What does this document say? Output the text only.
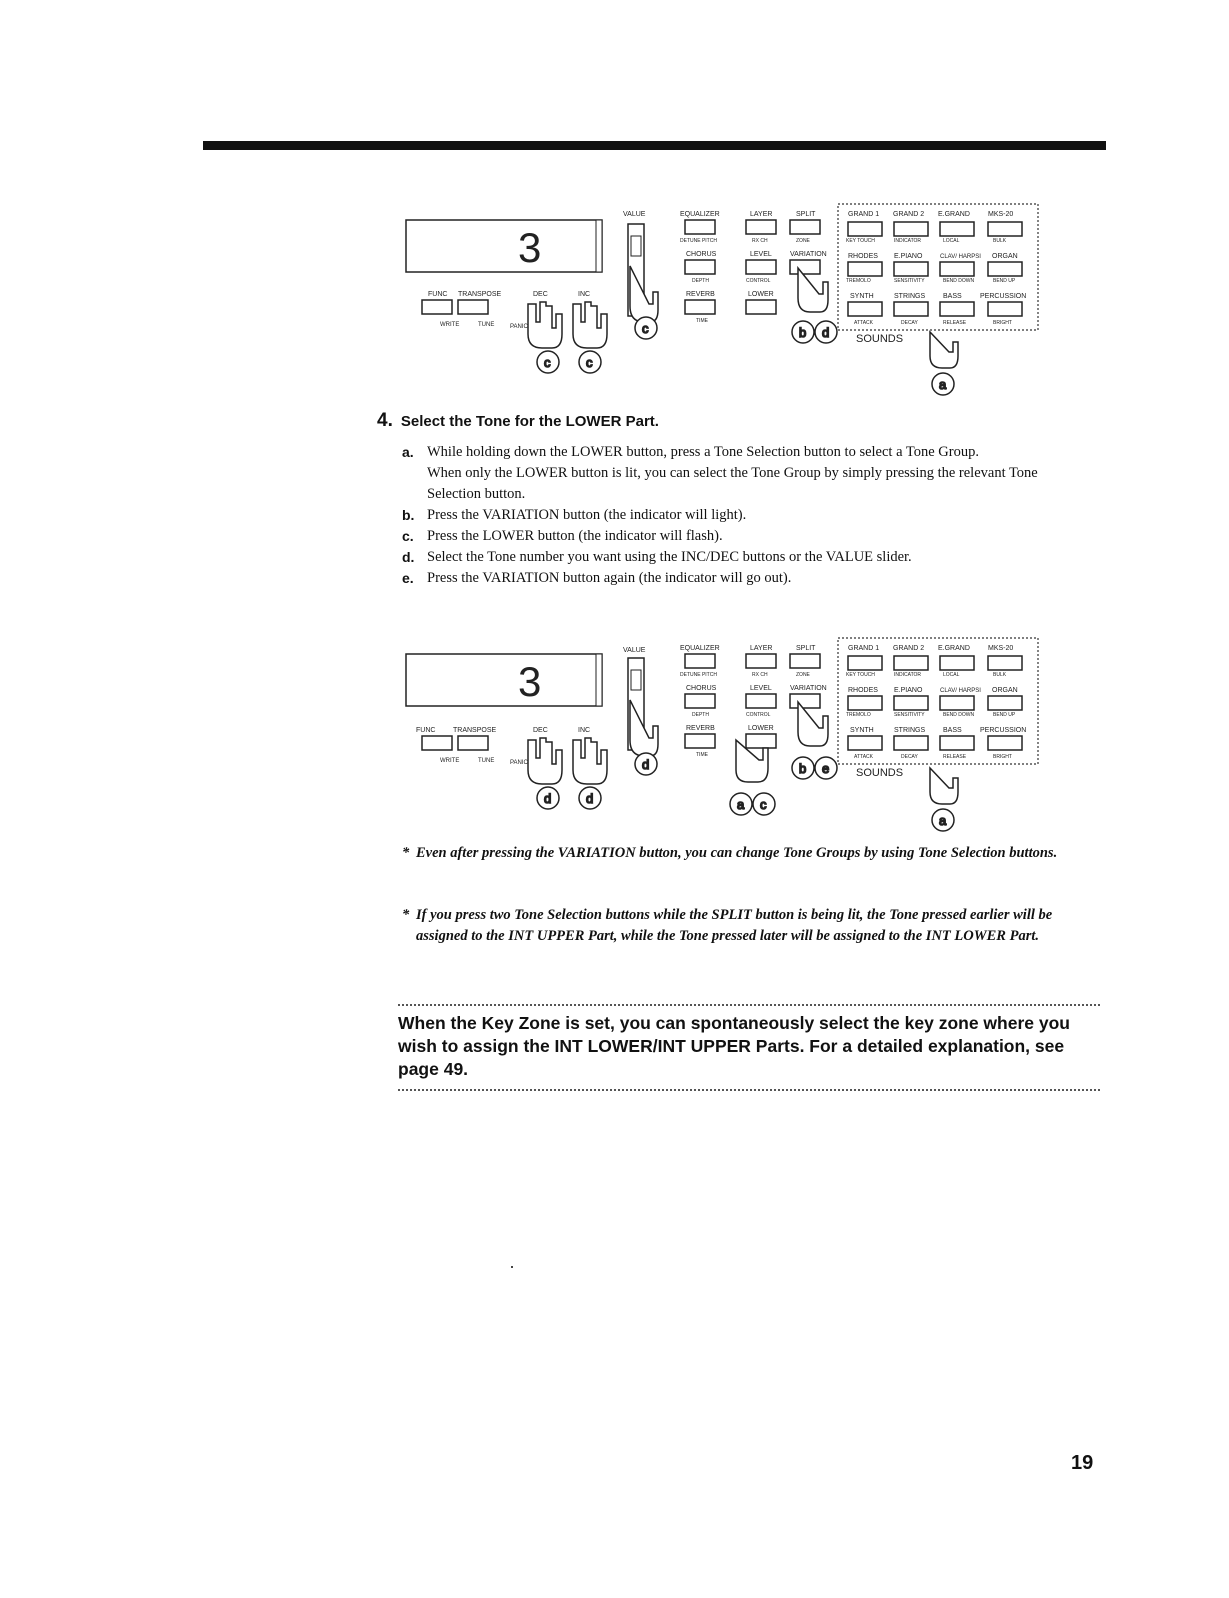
3
FUNC TRANSPOSE	DEC	INC
WRITE	TUNE	PANIC
VALUE	EQUALIZER
DETUNE PITCH
CHORUS
DEPTH
REVERB
TIME
LAYER
RX CH
LEVEL
CONTROL
LOWER
SPLIT
ZONE
VARIATION
GRAND 1 GRAND 2 E.GRAND	MKS-20
KEY TOUCH	INDICATOR	LOCAL	BULK
RHODES E.PIANO	CLAV/ HARPSI ORGAN
TREMOLO	SENSITIVITY	BEND DOWN	BEND UP
SYNTH	STRINGS	BASS	PERCUSSION
ATTACK	DECAY	RELEASE	BRIGHT
SOUNDS
c	c
c	b d
a
4. Select the Tone for the LOWER Part.
a. While holding down the LOWER button, press a Tone Selection button to select a Tone Group.
When only the LOWER button is lit, you can select the Tone Group by simply pressing the relevant Tone Selection button.
b. Press the VARIATION button (the indicator will light).
c. Press the LOWER button (the indicator will flash).
d. Select the Tone number you want using the INC/DEC buttons or the VALUE slider.
e. Press the VARIATION button again (the indicator will go out).
3
FUNC	TRANSPOSE	DEC	INC
WRITE	TUNE	PANIC
VALUE	EQUALIZER
DETUNE PITCH
CHORUS
DEPTH
REVERB
TIME
LAYER
RX CH
LEVEL
CONTROL
LOWER
SPLIT
ZONE
VARIATION
GRAND 1 GRAND 2 E.GRAND	MKS-20
KEY TOUCH	INDICATOR	LOCAL	BULK
RHODES E.PIANO	CLAV/ HARPSI ORGAN
TREMOLO	SENSITIVITY	BEND DOWN	BEND UP
SYNTH	STRINGS	BASS	PERCUSSION
ATTACK	DECAY	RELEASE	BRIGHT
SOUNDS
d	d
d
a c
b e
a
* Even after pressing the VARIATION button, you can change Tone Groups by using Tone Selection buttons.
* If you press two Tone Selection buttons while the SPLIT button is being lit, the Tone pressed earlier will be assigned to the INT UPPER Part, while the Tone pressed later will be assigned to the INT LOWER Part.

When the Key Zone is set, you can spontaneously select the key zone where you wish to assign the INT LOWER/INT UPPER Parts. For a detailed explanation, see page 49.

19
